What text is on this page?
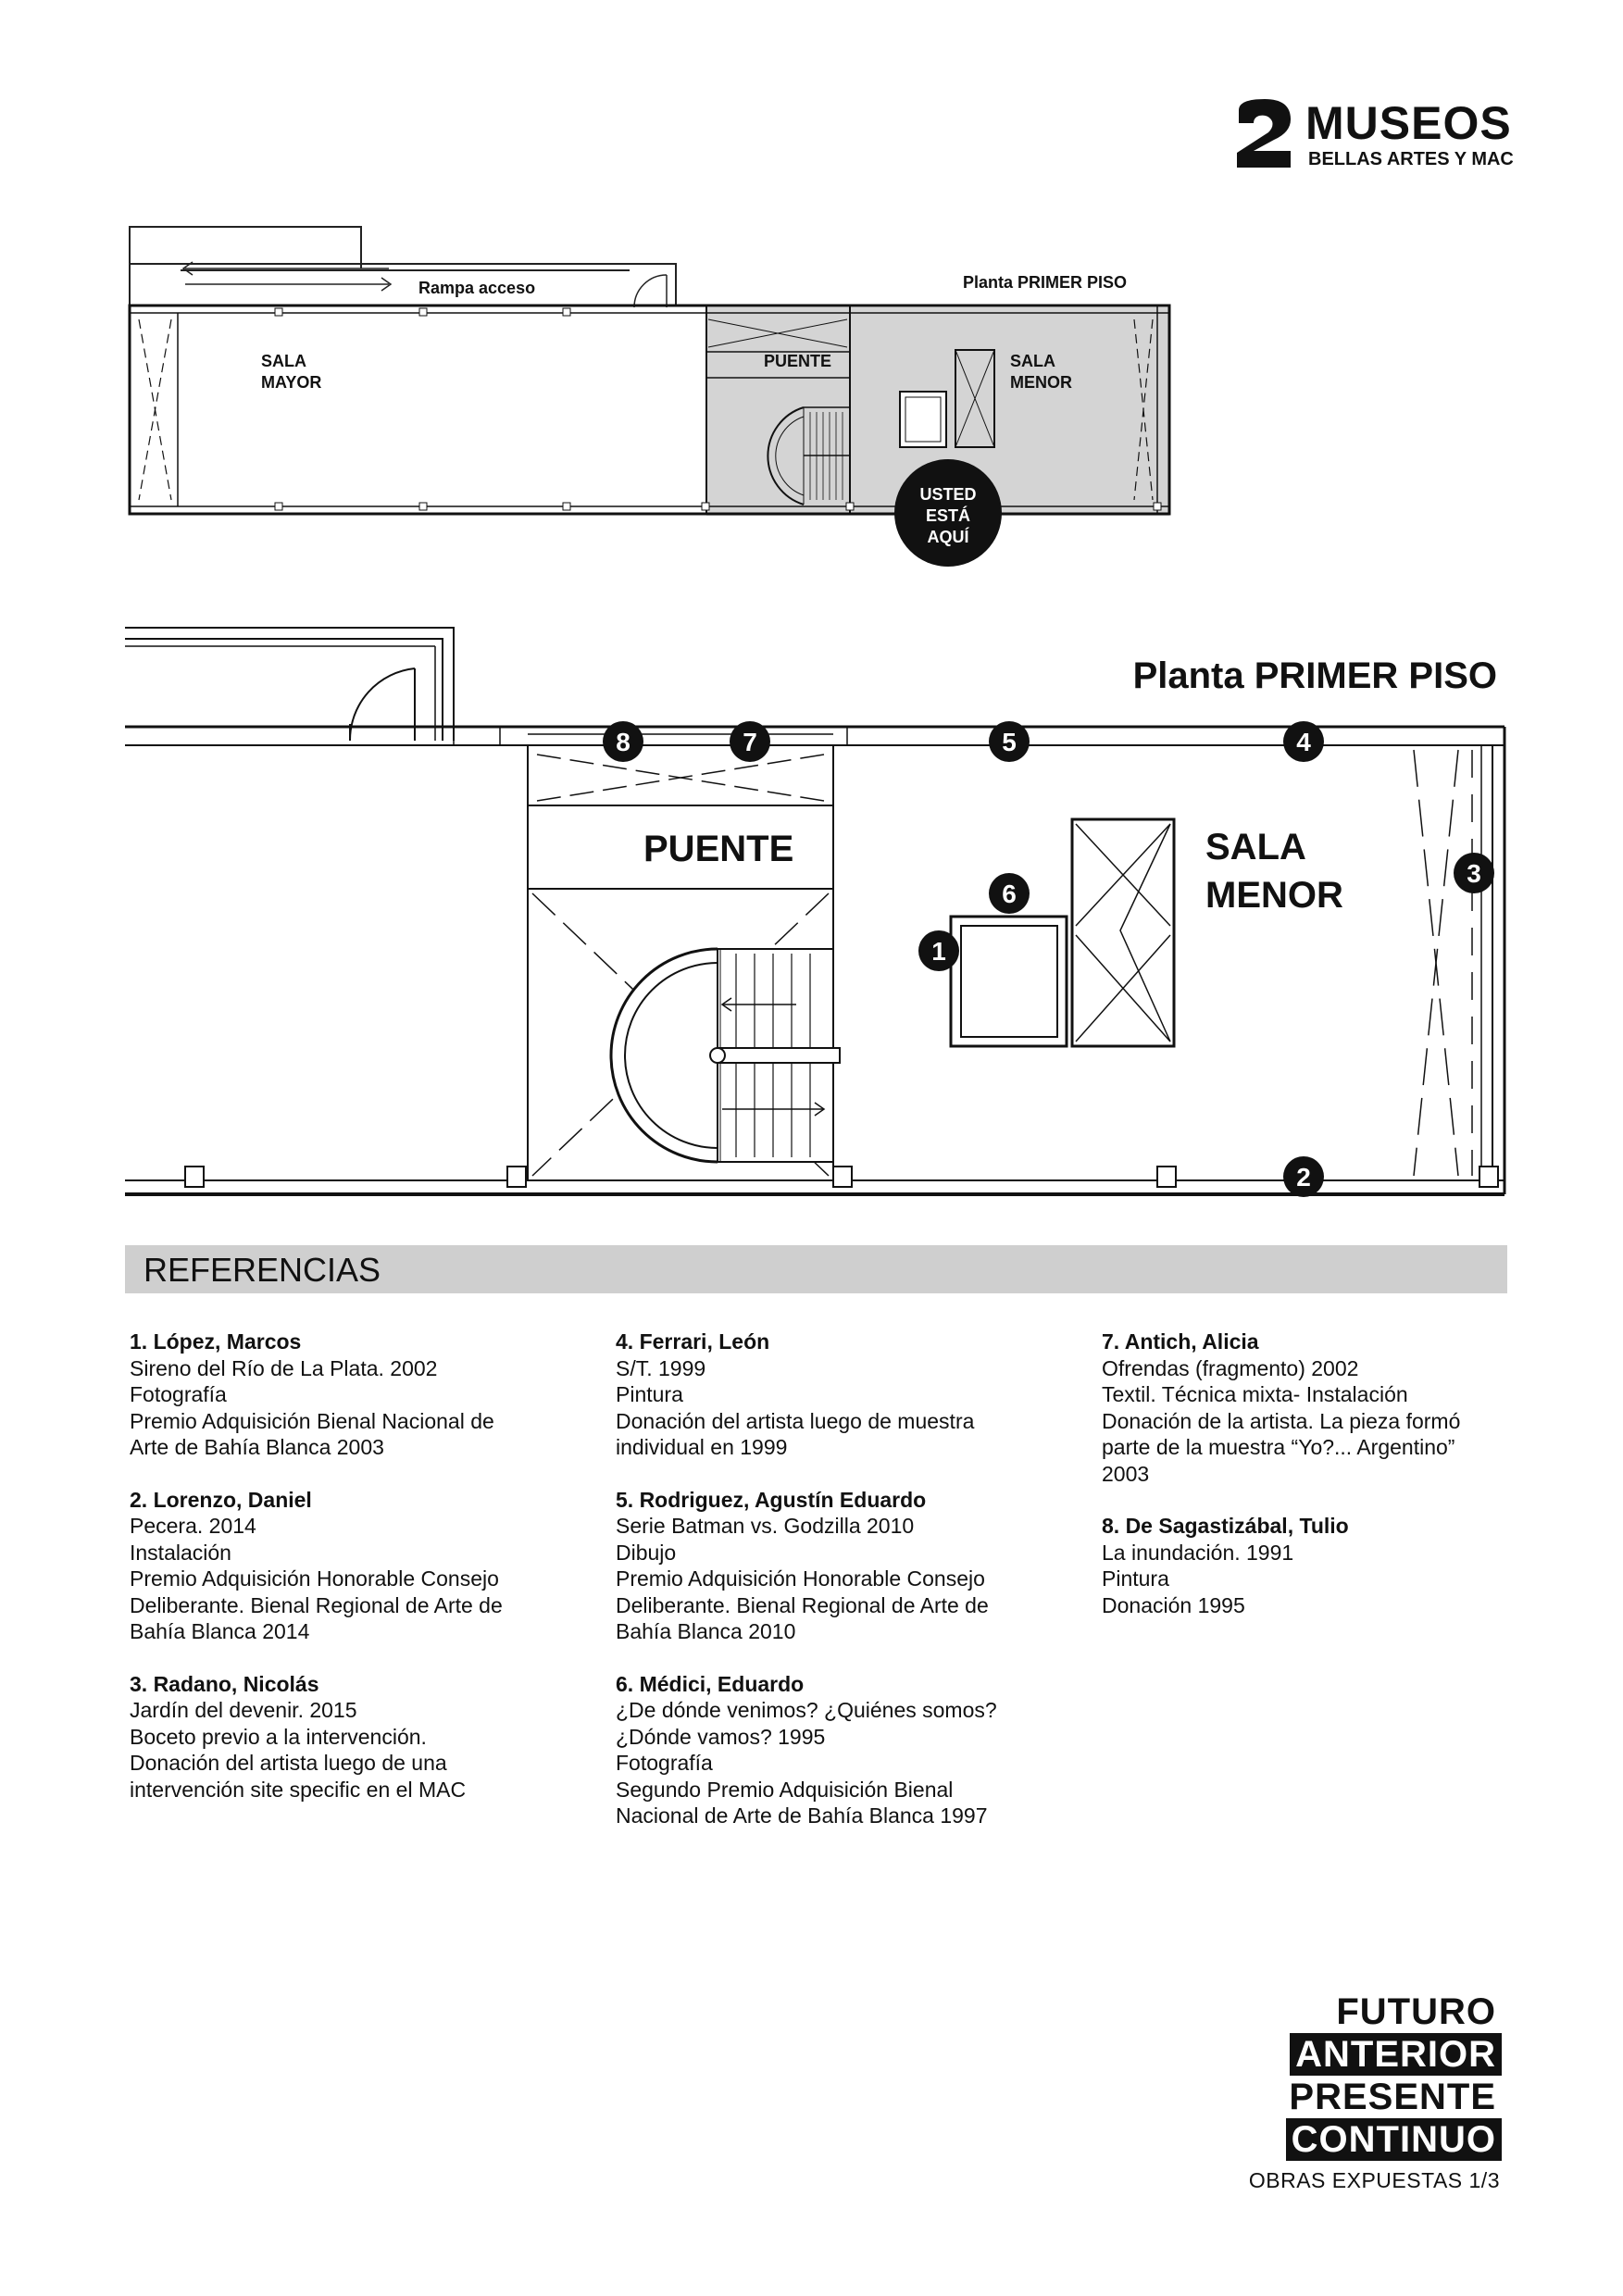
MUSEOS
BELLAS ARTES Y MAC
Rampa acceso	Planta PRIMER PISO
SALA
MAYOR
PUENTE	SALA
MENOR
USTED
ESTÁ
AQUÍ
Planta PRIMER PISO
PUENTE	SALA
MENOR
1
2
3
4
5
6
7
8
REFERENCIAS
1. López, Marcos
Sireno del Río de La Plata. 2002
Fotografía
Premio Adquisición Bienal Nacional de
Arte de Bahía Blanca 2003
2. Lorenzo, Daniel
Pecera. 2014
Instalación
Premio Adquisición Honorable Consejo
Deliberante. Bienal Regional de Arte de
Bahía Blanca 2014
3. Radano, Nicolás
Jardín del devenir. 2015
Boceto previo a la intervención.
Donación del artista luego de una
intervención site specific en el MAC
4. Ferrari, León
S/T. 1999
Pintura
Donación del artista luego de muestra
individual en 1999
5. Rodriguez, Agustín Eduardo
Serie Batman vs. Godzilla 2010
Dibujo
Premio Adquisición Honorable Consejo
Deliberante. Bienal Regional de Arte de
Bahía Blanca 2010
6. Médici, Eduardo
¿De dónde venimos? ¿Quiénes somos?
¿Dónde vamos? 1995
Fotografía
Segundo Premio Adquisición Bienal
Nacional de Arte de Bahía Blanca 1997
7. Antich, Alicia
Ofrendas (fragmento) 2002
Textil. Técnica mixta- Instalación
Donación de la artista. La pieza formó
parte de la muestra “Yo?... Argentino”
2003
8. De Sagastizábal, Tulio
La inundación. 1991
Pintura
Donación 1995
FUTURO
ANTERIOR
PRESENTE
CONTINUO
OBRAS EXPUESTAS 1/3
